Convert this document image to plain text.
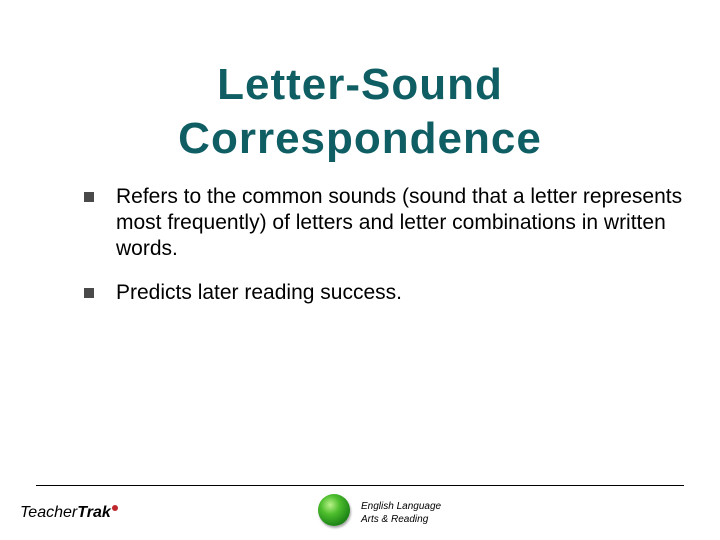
Letter-Sound
Correspondence
Refers to the common sounds (sound that a letter represents most frequently) of letters and letter combinations in written words.
Predicts later reading success.
TeacherTrak	English Language
Arts & Reading
